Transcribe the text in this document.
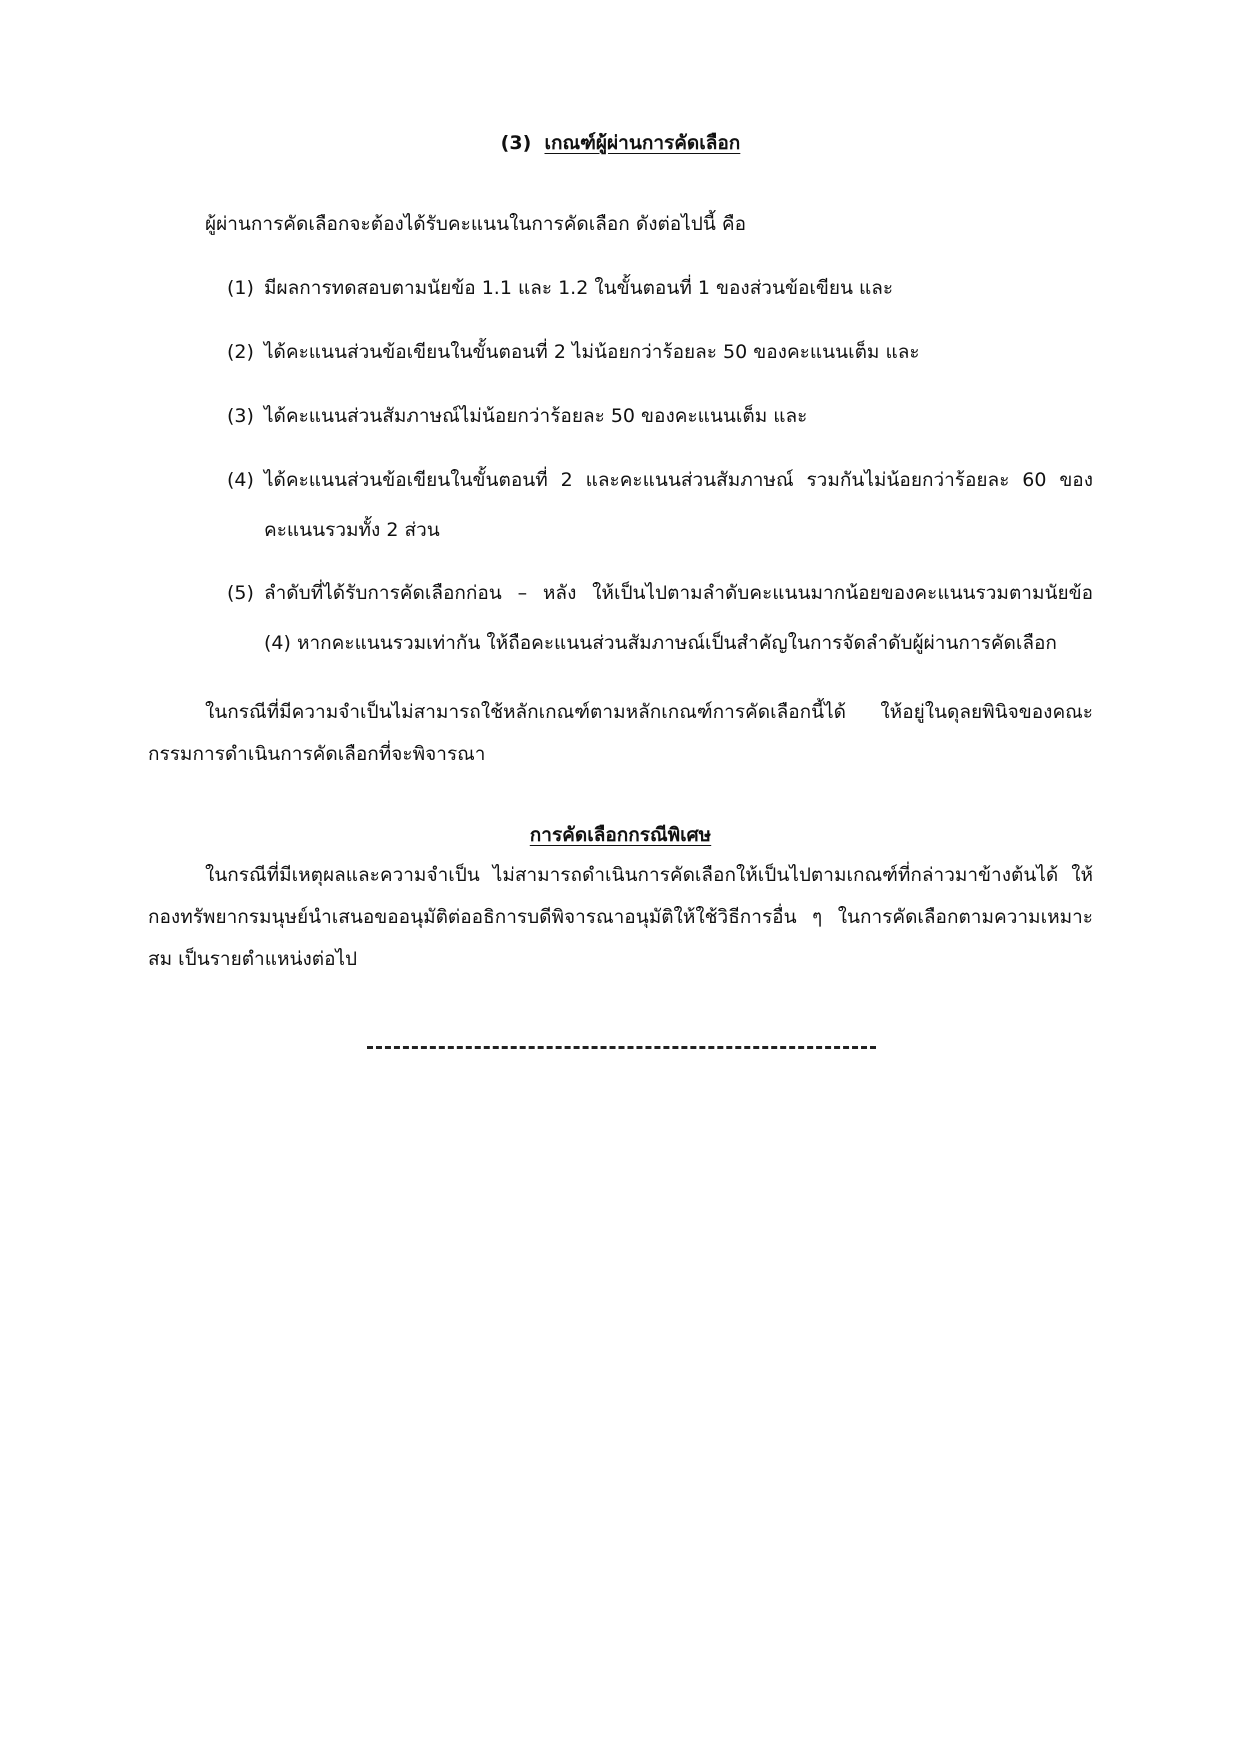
(3) เกณฑ์ผู้ผ่านการคัดเลือก
ผู้ผ่านการคัดเลือกจะต้องได้รับคะแนนในการคัดเลือก ดังต่อไปนี้ คือ
(1) มีผลการทดสอบตามนัยข้อ 1.1 และ 1.2 ในขั้นตอนที่ 1 ของส่วนข้อเขียน และ
(2) ได้คะแนนส่วนข้อเขียนในขั้นตอนที่ 2 ไม่น้อยกว่าร้อยละ 50 ของคะแนนเต็ม และ
(3) ได้คะแนนส่วนสัมภาษณ์ไม่น้อยกว่าร้อยละ 50 ของคะแนนเต็ม และ
(4) ได้คะแนนส่วนข้อเขียนในขั้นตอนที่ 2 และคะแนนส่วนสัมภาษณ์ รวมกันไม่น้อยกว่าร้อยละ 60 ของคะแนนรวมทั้ง 2 ส่วน
(5) ลำดับที่ได้รับการคัดเลือกก่อน – หลัง ให้เป็นไปตามลำดับคะแนนมากน้อยของคะแนนรวมตามนัยข้อ (4) หากคะแนนรวมเท่ากัน ให้ถือคะแนนส่วนสัมภาษณ์เป็นสำคัญในการจัดลำดับผู้ผ่านการคัดเลือก
ในกรณีที่มีความจำเป็นไม่สามารถใช้หลักเกณฑ์ตามหลักเกณฑ์การคัดเลือกนี้ได้ ให้อยู่ในดุลยพินิจของคณะกรรมการดำเนินการคัดเลือกที่จะพิจารณา
การคัดเลือกกรณีพิเศษ
ในกรณีที่มีเหตุผลและความจำเป็น ไม่สามารถดำเนินการคัดเลือกให้เป็นไปตามเกณฑ์ที่กล่าวมาข้างต้นได้ ให้กองทรัพยากรมนุษย์นำเสนอขออนุมัติต่ออธิการบดีพิจารณาอนุมัติให้ใช้วิธีการอื่น ๆ ในการคัดเลือกตามความเหมาะสม เป็นรายตำแหน่งต่อไป
